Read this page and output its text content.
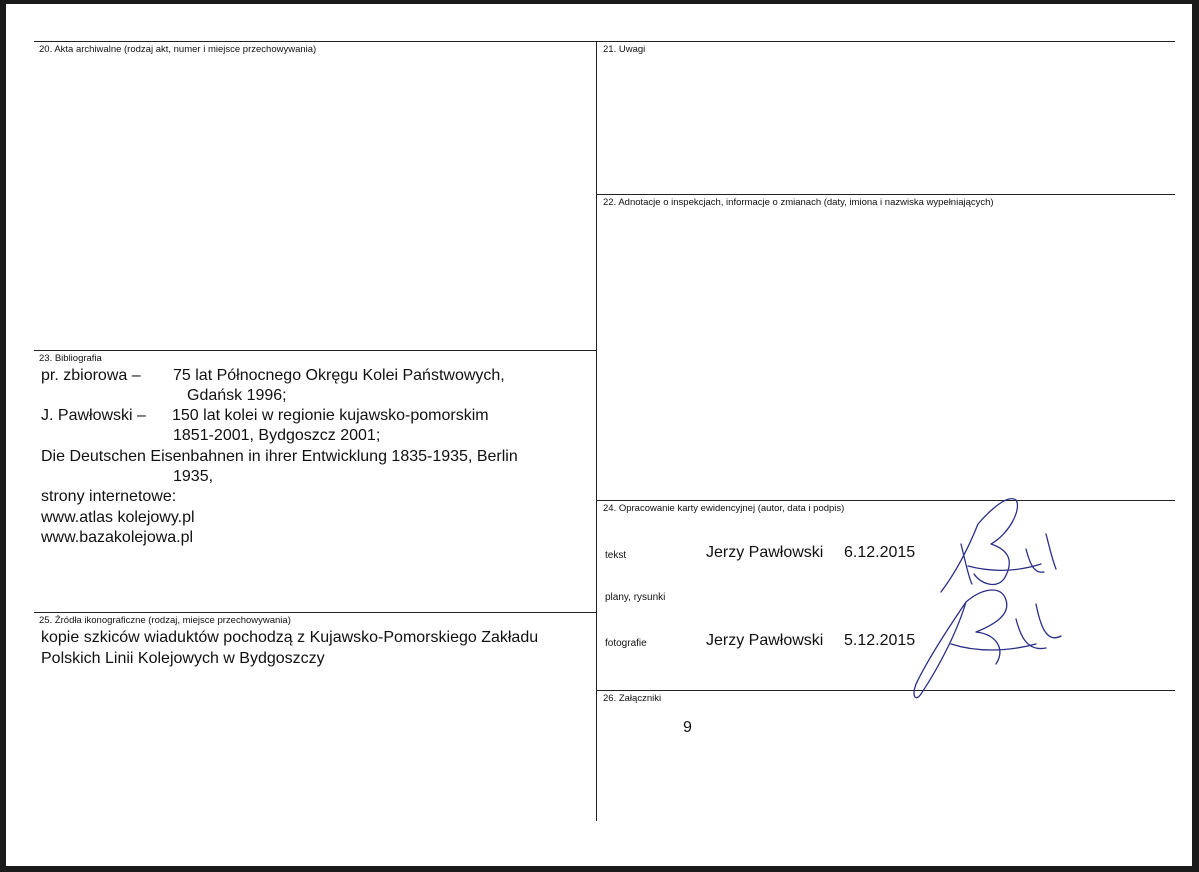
20. Akta archiwalne (rodzaj akt, numer i miejsce przechowywania)	21. Uwagi
22. Adnotacje o inspekcjach, informacje o zmianach (daty, imiona i nazwiska wypełniających)
23. Bibliografia
pr. zbiorowa – 75 lat Północnego Okręgu Kolei Państwowych,
Gdańsk 1996;
J. Pawłowski – 150 lat kolei w regionie kujawsko-pomorskim
1851-2001, Bydgoszcz 2001;
Die Deutschen Eisenbahnen in ihrer Entwicklung 1835-1935, Berlin
1935,
strony internetowe:
www.atlas kolejowy.pl
www.bazakolejowa.pl
24. Opracowanie karty ewidencyjnej (autor, data i podpis)
tekst	Jerzy Pawłowski 6.12.2015
plany, rysunki
fotografie	Jerzy Pawłowski 5.12.2015
25. Źródła ikonograficzne (rodzaj, miejsce przechowywania)
kopie szkiców wiaduktów pochodzą z Kujawsko-Pomorskiego Zakładu
Polskich Linii Kolejowych w Bydgoszczy
26. Załączniki
9
